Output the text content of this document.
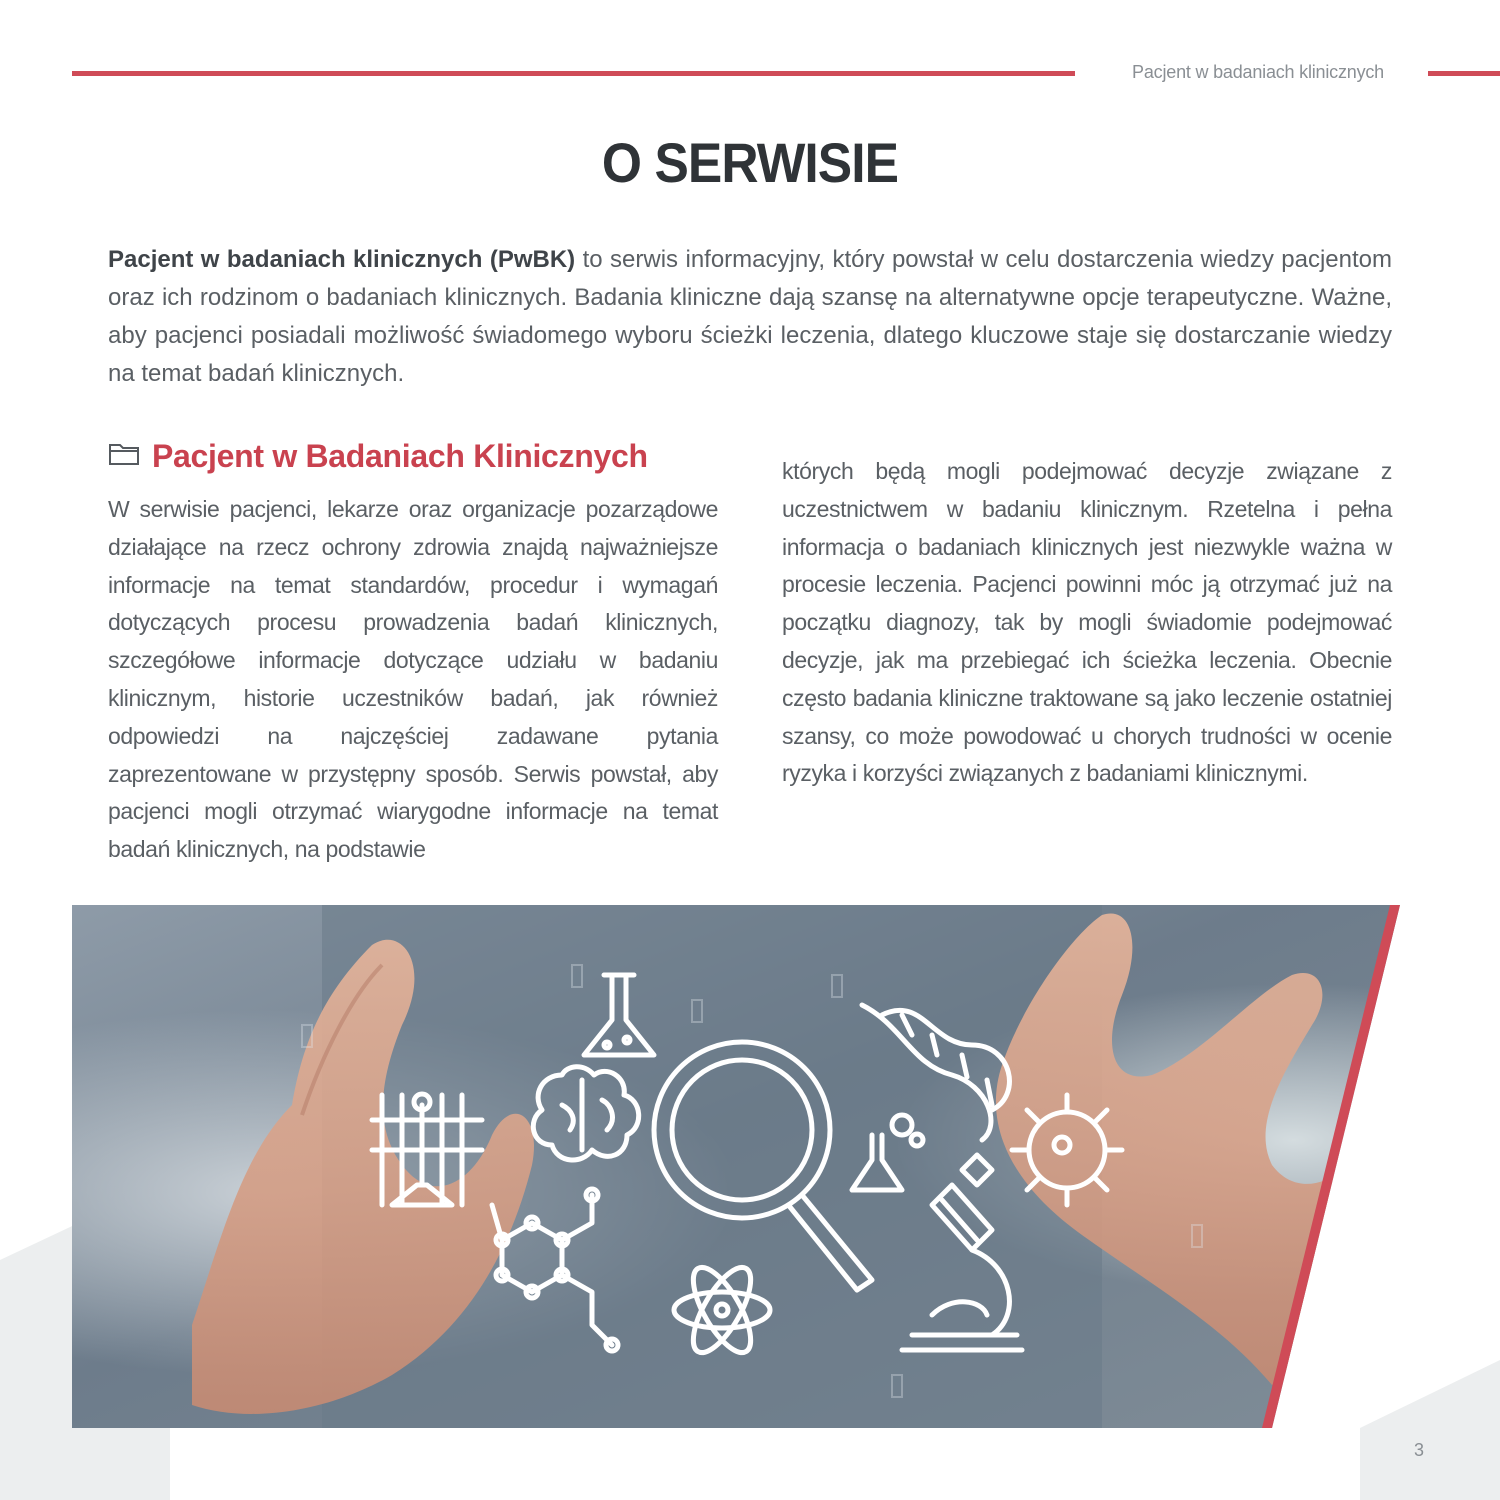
Pacjent w badaniach klinicznych
O SERWISIE
Pacjent w badaniach klinicznych (PwBK) to serwis informacyjny, który powstał w celu dostarczenia wiedzy pacjentom oraz ich rodzinom o badaniach klinicznych. Badania kliniczne dają szansę na alternatywne opcje terapeutyczne. Ważne, aby pacjenci posiadali możliwość świadomego wyboru ścieżki leczenia, dlatego kluczowe staje się dostarczanie wiedzy na temat badań klinicznych.
Pacjent w Badaniach Klinicznych
W serwisie pacjenci, lekarze oraz organizacje pozarządowe działające na rzecz ochrony zdrowia znajdą najważniejsze informacje na temat standardów, procedur i wymagań dotyczących procesu prowadzenia badań klinicznych, szczegółowe informacje dotyczące udziału w badaniu klinicznym, historie uczestników badań, jak również odpowiedzi na najczęściej zadawane pytania zaprezentowane w przystępny sposób. Serwis powstał, aby pacjenci mogli otrzymać wiarygodne informacje na temat badań klinicznych, na podstawie
których będą mogli podejmować decyzje związane z uczestnictwem w badaniu klinicznym. Rzetelna i pełna informacja o badaniach klinicznych jest niezwykle ważna w procesie leczenia. Pacjenci powinni móc ją otrzymać już na początku diagnozy, tak by mogli świadomie podejmować decyzje, jak ma przebiegać ich ścieżka leczenia. Obecnie często badania kliniczne traktowane są jako leczenie ostatniej szansy, co może powodować u chorych trudności w ocenie ryzyka i korzyści związanych z badaniami klinicznymi.
3
